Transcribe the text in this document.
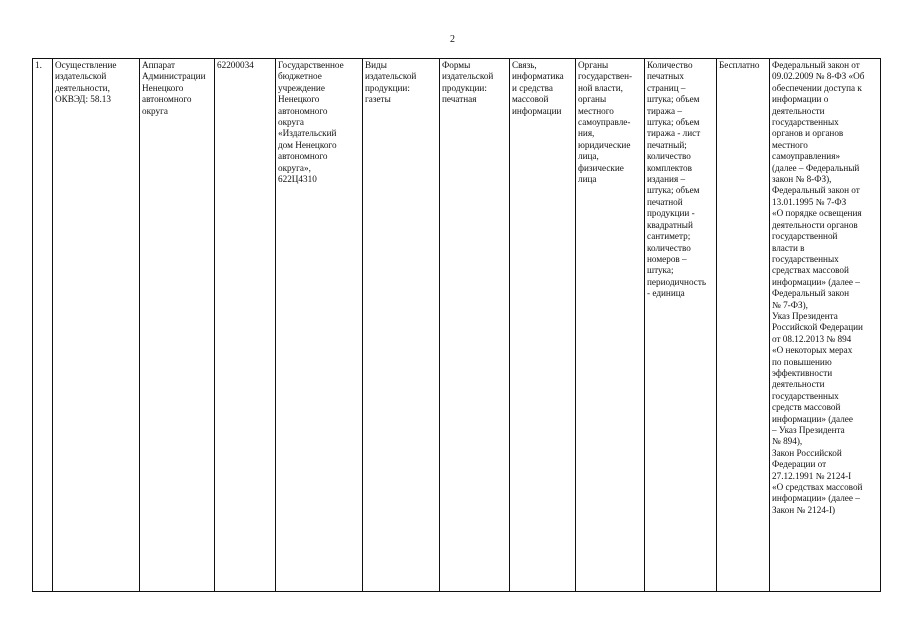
2
1.	Осуществление
издательской
деятельности,
ОКВЭД: 58.13	Аппарат
Администрации
Ненецкого
автономного
округа	62200034	Государственное
бюджетное
учреждение
Ненецкого
автономного
округа
«Издательский
дом Ненецкого
автономного
округа»,
622Ц4310	Виды
издательской
продукции:
газеты	Формы
издательской
продукции:
печатная	Связь,
информатика
и средства
массовой
информации	Органы
государствен-
ной власти,
органы
местного
самоуправле-
ния,
юридические
лица,
физические
лица	Количество
печатных
страниц –
штука; объем
тиража –
штука; объем
тиража - лист
печатный;
количество
комплектов
издания –
штука; объем
печатной
продукции -
квадратный
сантиметр;
количество
номеров –
штука;
периодичность
- единица	Бесплатно	Федеральный закон от
09.02.2009 № 8-ФЗ «Об
обеспечении доступа к
информации о
деятельности
государственных
органов и органов
местного
самоуправления»
(далее – Федеральный
закон № 8-ФЗ),
Федеральный закон от
13.01.1995 № 7-ФЗ
«О порядке освещения
деятельности органов
государственной
власти в
государственных
средствах массовой
информации» (далее –
Федеральный закон
№ 7-ФЗ),
Указ Президента
Российской Федерации
от 08.12.2013 № 894
«О некоторых мерах
по повышению
эффективности
деятельности
государственных
средств массовой
информации» (далее
– Указ Президента
№ 894),
Закон Российской
Федерации от
27.12.1991 № 2124-I
«О средствах массовой
информации» (далее –
Закон № 2124-I)
